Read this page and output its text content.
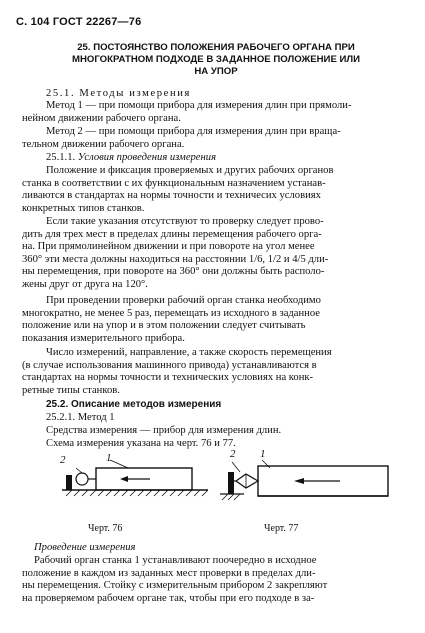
С. 104 ГОСТ 22267—76
25. ПОСТОЯНСТВО ПОЛОЖЕНИЯ РАБОЧЕГО ОРГАНА ПРИ
МНОГОКРАТНОМ ПОДХОДЕ В ЗАДАННОЕ ПОЛОЖЕНИЕ ИЛИ
НА УПОР
25.1. Методы измерения
Метод 1 — при помощи прибора для измерения длин при прямоли-
нейном движении рабочего органа.
Метод 2 — при помощи прибора для измерения длин при враща-
тельном движении рабочего органа.
25.1.1. Условия проведения измерения
Положение и фиксация проверяемых и других рабочих органов
станка в соответствии с их функциональным назначением устанав-
ливаются в стандартах на нормы точности и техничесих условиях
конкретных типов станков.
Если такие указания отсутствуют то проверку следует прово-
дить для трех мест в пределах длины перемещения рабочего орга-
на. При прямолинейном движении и при повороте на угол менее
360° эти места должны находиться на расстоянии 1/6, 1/2 и 4/5 дли-
ны перемещения, при повороте на 360° они должны быть располо-
жены друг от друга на 120°.
При проведении проверки рабочий орган станка необходимо
многократно, не менее 5 раз, перемещать из исходного в заданное
положение или на упор и в этом положении следует считывать
показания измерительного прибора.
Число измерений, направление, а также скорость перемещения
(в случае использования машинного привода) устанавливаются в
стандартах на нормы точности и технических условиях на конк-
ретные типы станков.
25.2. Описание методов измерения
25.2.1. Метод 1
Средства измерения — прибор для измерения длин.
Схема измерения указана на черт. 76 и 77.
2	1
Черт. 76
2 1
Черт. 77
Проведение измерения
Рабочий орган станка 1 устанавливают поочередно в исходное
положение в каждом из заданных мест проверки в пределах дли-
ны перемещения. Стойку с измерительным прибором 2 закрепляют
на проверяемом рабочем органе так, чтобы при его подходе в за-
